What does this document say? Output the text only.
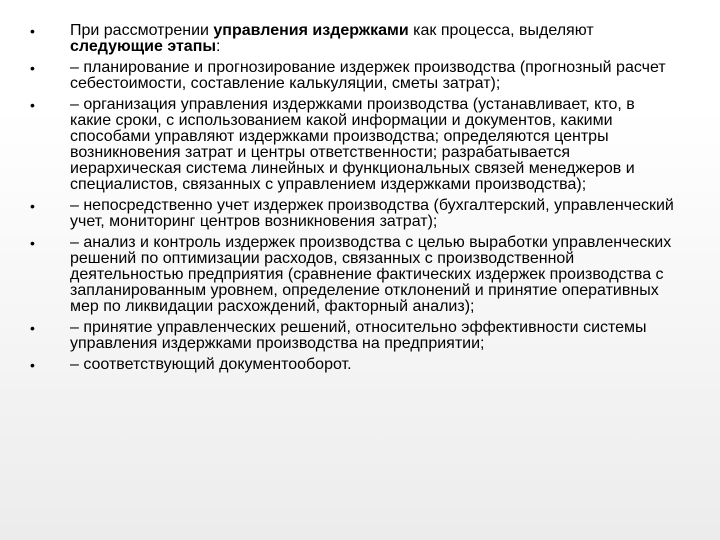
•	При рассмотрении управления издержками как процесса, выделяют следующие этапы:
•	– планирование и прогнозирование издержек производства (прогнозный расчет себестоимости, составление калькуляции, сметы затрат);
•	– организация управления издержками производства (устанавливает, кто, в какие сроки, с использованием какой информации и документов, какими способами управляют издержками производства; определяются центры возникновения затрат и центры ответственности; разрабатывается иерархическая система линейных и функциональных связей менеджеров и специалистов, связанных с управлением издержками производства);
•	– непосредственно учет издержек производства (бухгалтерский, управленческий учет, мониторинг центров возникновения затрат);
•	– анализ и контроль издержек производства с целью выработки управленческих решений по оптимизации расходов, связанных с производственной деятельностью предприятия (сравнение фактических издержек производства с запланированным уровнем, определение отклонений и принятие оперативных мер по ликвидации расхождений, факторный анализ);
•	– принятие управленческих решений, относительно эффективности системы управления издержками производства на предприятии;
•	– соответствующий документооборот.
